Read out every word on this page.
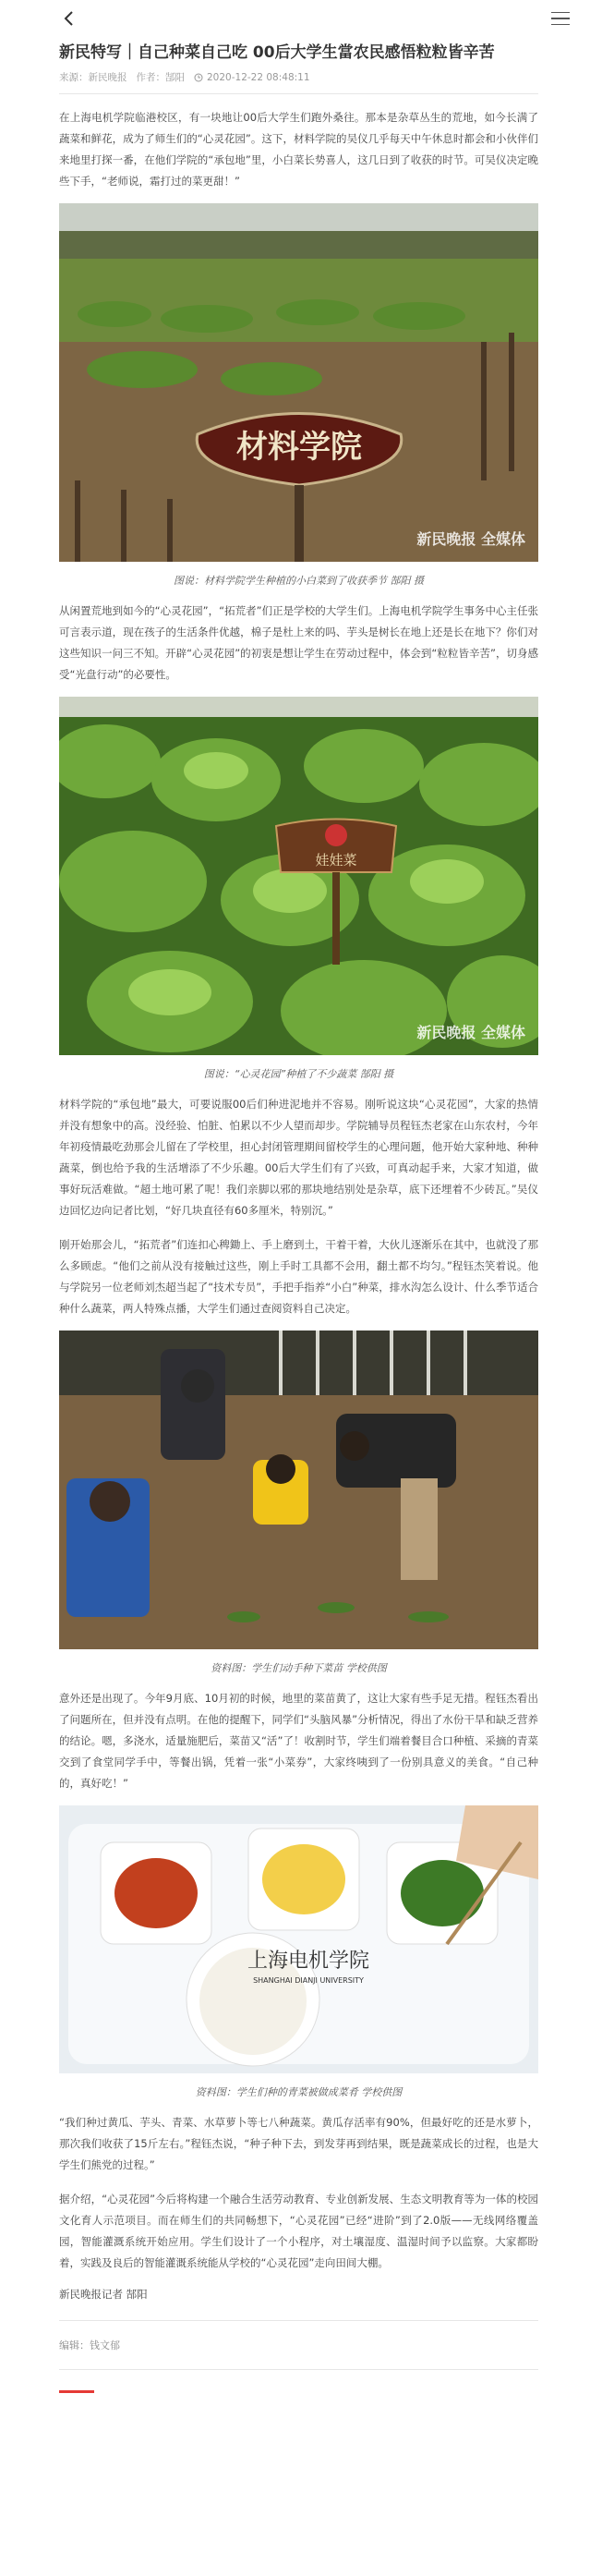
新民特写｜自己种菜自己吃 00后大学生當农民感悟粒粒皆辛苦
来源：新民晚报 作者：郜阳 2020-12-22 08:48:11

在上海电机学院临港校区，有一块地让00后大学生们跑外桑往。那本是杂草丛生的荒地，如今长满了蔬菜和鲜花，成为了师生们的“心灵花园”。这下，材料学院的吴仪几乎每天中午休息时都会和小伙伴们来地里打探一番，在他们学院的“承包地”里，小白菜长势喜人，这几日到了收获的时节。可吴仪决定晚些下手，“老师说，霜打过的菜更甜！”

材料学院
新民晚报 全媒体

图说：材料学院学生种植的小白菜到了收获季节 郜阳 摄

从闲置荒地到如今的“心灵花园”，“拓荒者”们正是学校的大学生们。上海电机学院学生事务中心主任张可言表示道，现在孩子的生活条件优越，棉子是杜上来的吗、芋头是树长在地上还是长在地下？你们对这些知识一问三不知。开辟“心灵花园”的初衷是想让学生在劳动过程中，体会到“粒粒皆辛苦”，切身感受“光盘行动”的必要性。

娃娃菜
新民晚报 全媒体

图说：“心灵花园”种植了不少蔬菜 郜阳 摄

材料学院的“承包地”最大，可要说服00后们种进泥地并不容易。刚听说这块“心灵花园”，大家的热情并没有想象中的高。没经验、怕脏、怕累以不少人望而却步。学院辅导员程钰杰老家在山东农村，今年年初疫情最吃劲那会儿留在了学校里，担心封闭管理期间留校学生的心理问题，他开始大家种地、种种蔬菜，倒也给予我的生活增添了不少乐趣。00后大学生们有了兴致，可真动起手来，大家才知道，做事好玩活难做。“超土地可累了呢！我们亲脚以邪的那块地结别处是杂草，底下还埋着不少砖瓦。”吴仪边回忆边向记者比划，“好几块直径有60多厘米，特别沉。”

刚开始那会儿，“拓荒者”们连扣心稗鋤上、手上磨到土，干着干着，大伙儿逐渐乐在其中，也就没了那么多顾虑。“他们之前从没有接触过这些，刚上手时工具都不会用，翻土都不均匀。”程钰杰笑着说。他与学院另一位老师刘杰超当起了“技术专员”，手把手指养“小白”种菜，排水沟怎么设计、什么季节适合种什么蔬菜，两人特殊点播，大学生们通过查阅资料自己决定。

资料图：学生们动手种下菜苗 学校供图

意外还是出现了。今年9月底、10月初的时候，地里的菜苗黄了，这让大家有些手足无措。程钰杰看出了问题所在，但并没有点明。在他的提醒下，同学们“头脑风暴”分析情况，得出了水份干旱和缺乏营养的结论。嗯，多浇水，适量施肥后，菜苗又“活”了！收割时节，学生们端着餐目合口种植、采摘的青菜交到了食堂同学手中，等餐出锅，凭着一张“小菜券”，大家终咦到了一份别具意义的美食。“自己种的，真好吃！”

上海电机学院
SHANGHAI DIANJI UNIVERSITY

资料图：学生们种的青菜被做成菜肴 学校供图

“我们种过黄瓜、芋头、青菜、水草萝卜等七八种蔬菜。黄瓜存活率有90%，但最好吃的还是水萝卜，那次我们收获了15斤左右。”程钰杰说，“种子种下去，到发芽再到结果，既是蔬菜成长的过程，也是大学生们熊党的过程。”

据介绍，“心灵花园”今后将构建一个融合生活劳动教育、专业创新发展、生态文明教育等为一体的校园文化育人示范项目。而在师生们的共同畅想下，“心灵花园”已经“进阶”到了2.0版——无线网络覆盖园，智能灌溉系统开始应用。学生们设计了一个小程序，对土壤湿度、温湿时间予以监察。大家都盼着，实践及良后的智能灌溉系统能从学校的“心灵花园”走向田间大棚。

新民晚报记者 郜阳

编辑：钱文郁
